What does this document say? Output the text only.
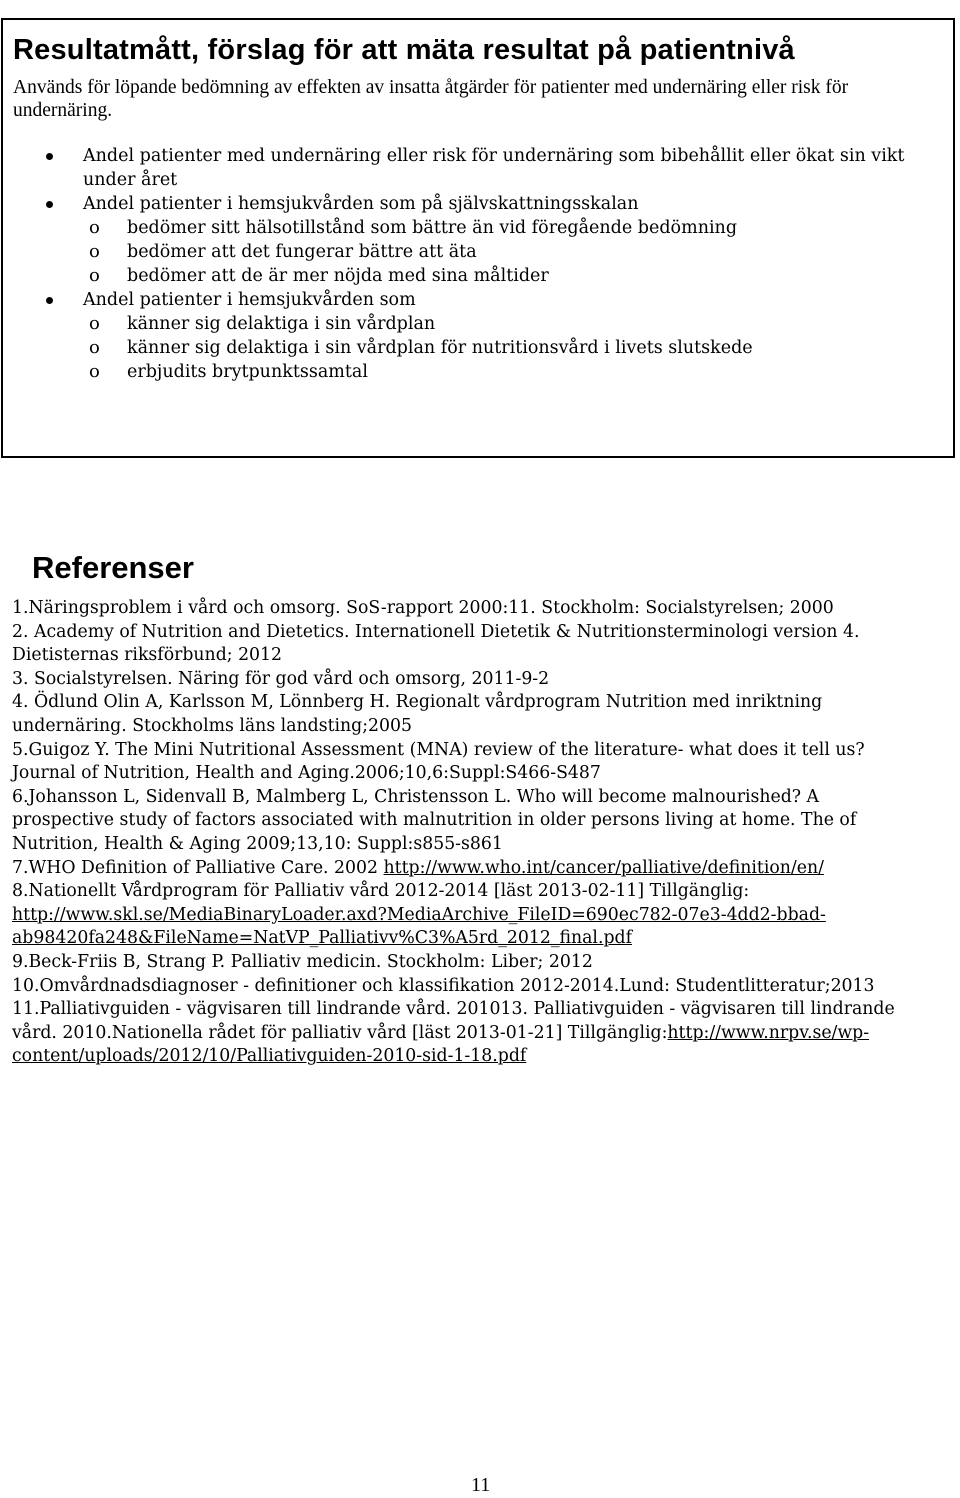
Resultatmått, förslag för att mäta resultat på patientnivå

Används för löpande bedömning av effekten av insatta åtgärder för patienter med undernäring eller risk för undernäring.

Andel patienter med undernäring eller risk för undernäring som bibehållit eller ökat sin vikt
under året
Andel patienter i hemsjukvården som på självskattningsskalan
o bedömer sitt hälsotillstånd som bättre än vid föregående bedömning
o bedömer att det fungerar bättre att äta
o bedömer att de är mer nöjda med sina måltider
Andel patienter i hemsjukvården som
o känner sig delaktiga i sin vårdplan
o känner sig delaktiga i sin vårdplan för nutritionsvård i livets slutskede
o erbjudits brytpunktssamtal
Referenser
1.Näringsproblem i vård och omsorg. SoS-rapport 2000:11. Stockholm: Socialstyrelsen; 2000
2. Academy of Nutrition and Dietetics. Internationell Dietetik & Nutritionsterminologi version 4.
Dietisternas riksförbund; 2012
3. Socialstyrelsen. Näring för god vård och omsorg, 2011-9-2
4. Ödlund Olin A, Karlsson M, Lönnberg H. Regionalt vårdprogram Nutrition med inriktning
undernäring. Stockholms läns landsting;2005
5.Guigoz Y. The Mini Nutritional Assessment (MNA) review of the literature- what does it tell us?
Journal of Nutrition, Health and Aging.2006;10,6:Suppl:S466-S487
6.Johansson L, Sidenvall B, Malmberg L, Christensson L. Who will become malnourished? A
prospective study of factors associated with malnutrition in older persons living at home. The of
Nutrition, Health & Aging 2009;13,10: Suppl:s855-s861
7.WHO Definition of Palliative Care. 2002 http://www.who.int/cancer/palliative/definition/en/
8.Nationellt Vårdprogram för Palliativ vård 2012-2014 [läst 2013-02-11] Tillgänglig:
http://www.skl.se/MediaBinaryLoader.axd?MediaArchive_FileID=690ec782-07e3-4dd2-bbad-
ab98420fa248&FileName=NatVP_Palliativv%C3%A5rd_2012_final.pdf
9.Beck-Friis B, Strang P. Palliativ medicin. Stockholm: Liber; 2012
10.Omvårdnadsdiagnoser - definitioner och klassifikation 2012-2014.Lund: Studentlitteratur;2013
11.Palliativguiden - vägvisaren till lindrande vård. 201013. Palliativguiden - vägvisaren till lindrande
vård. 2010.Nationella rådet för palliativ vård [läst 2013-01-21] Tillgänglig:http://www.nrpv.se/wp-
content/uploads/2012/10/Palliativguiden-2010-sid-1-18.pdf
11
